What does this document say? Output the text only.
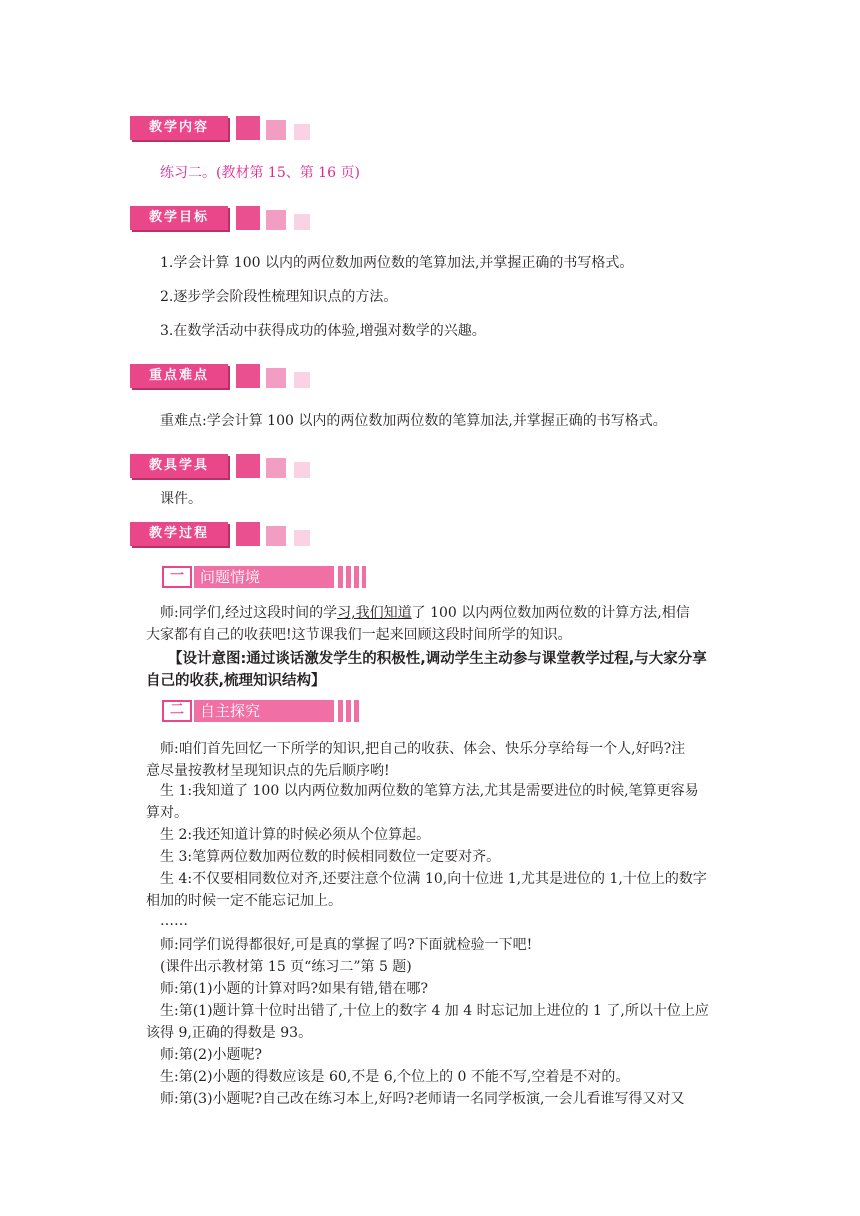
教学内容
练习二。(教材第 15、第 16 页)
教学目标
1.学会计算 100 以内的两位数加两位数的笔算加法,并掌握正确的书写格式。
2.逐步学会阶段性梳理知识点的方法。
3.在数学活动中获得成功的体验,增强对数学的兴趣。
重点难点
重难点:学会计算 100 以内的两位数加两位数的笔算加法,并掌握正确的书写格式。
教具学具
课件。
教学过程
一	问题情境
师:同学们,经过这段时间的学习,我们知道了 100 以内两位数加两位数的计算方法,相信
大家都有自己的收获吧!这节课我们一起来回顾这段时间所学的知识。
【设计意图:通过谈话激发学生的积极性,调动学生主动参与课堂教学过程,与大家分享
自己的收获,梳理知识结构】
二	自主探究
师:咱们首先回忆一下所学的知识,把自己的收获、体会、快乐分享给每一个人,好吗?注
意尽量按教材呈现知识点的先后顺序哟!
生 1:我知道了 100 以内两位数加两位数的笔算方法,尤其是需要进位的时候,笔算更容易
算对。
生 2:我还知道计算的时候必须从个位算起。
生 3:笔算两位数加两位数的时候相同数位一定要对齐。
生 4:不仅要相同数位对齐,还要注意个位满 10,向十位进 1,尤其是进位的 1,十位上的数字
相加的时候一定不能忘记加上。
……
师:同学们说得都很好,可是真的掌握了吗?下面就检验一下吧!
(课件出示教材第 15 页“练习二”第 5 题)
师:第(1)小题的计算对吗?如果有错,错在哪?
生:第(1)题计算十位时出错了,十位上的数字 4 加 4 时忘记加上进位的 1 了,所以十位上应
该得 9,正确的得数是 93。
师:第(2)小题呢?
生:第(2)小题的得数应该是 60,不是 6,个位上的 0 不能不写,空着是不对的。
师:第(3)小题呢?自己改在练习本上,好吗?老师请一名同学板演,一会儿看谁写得又对又
